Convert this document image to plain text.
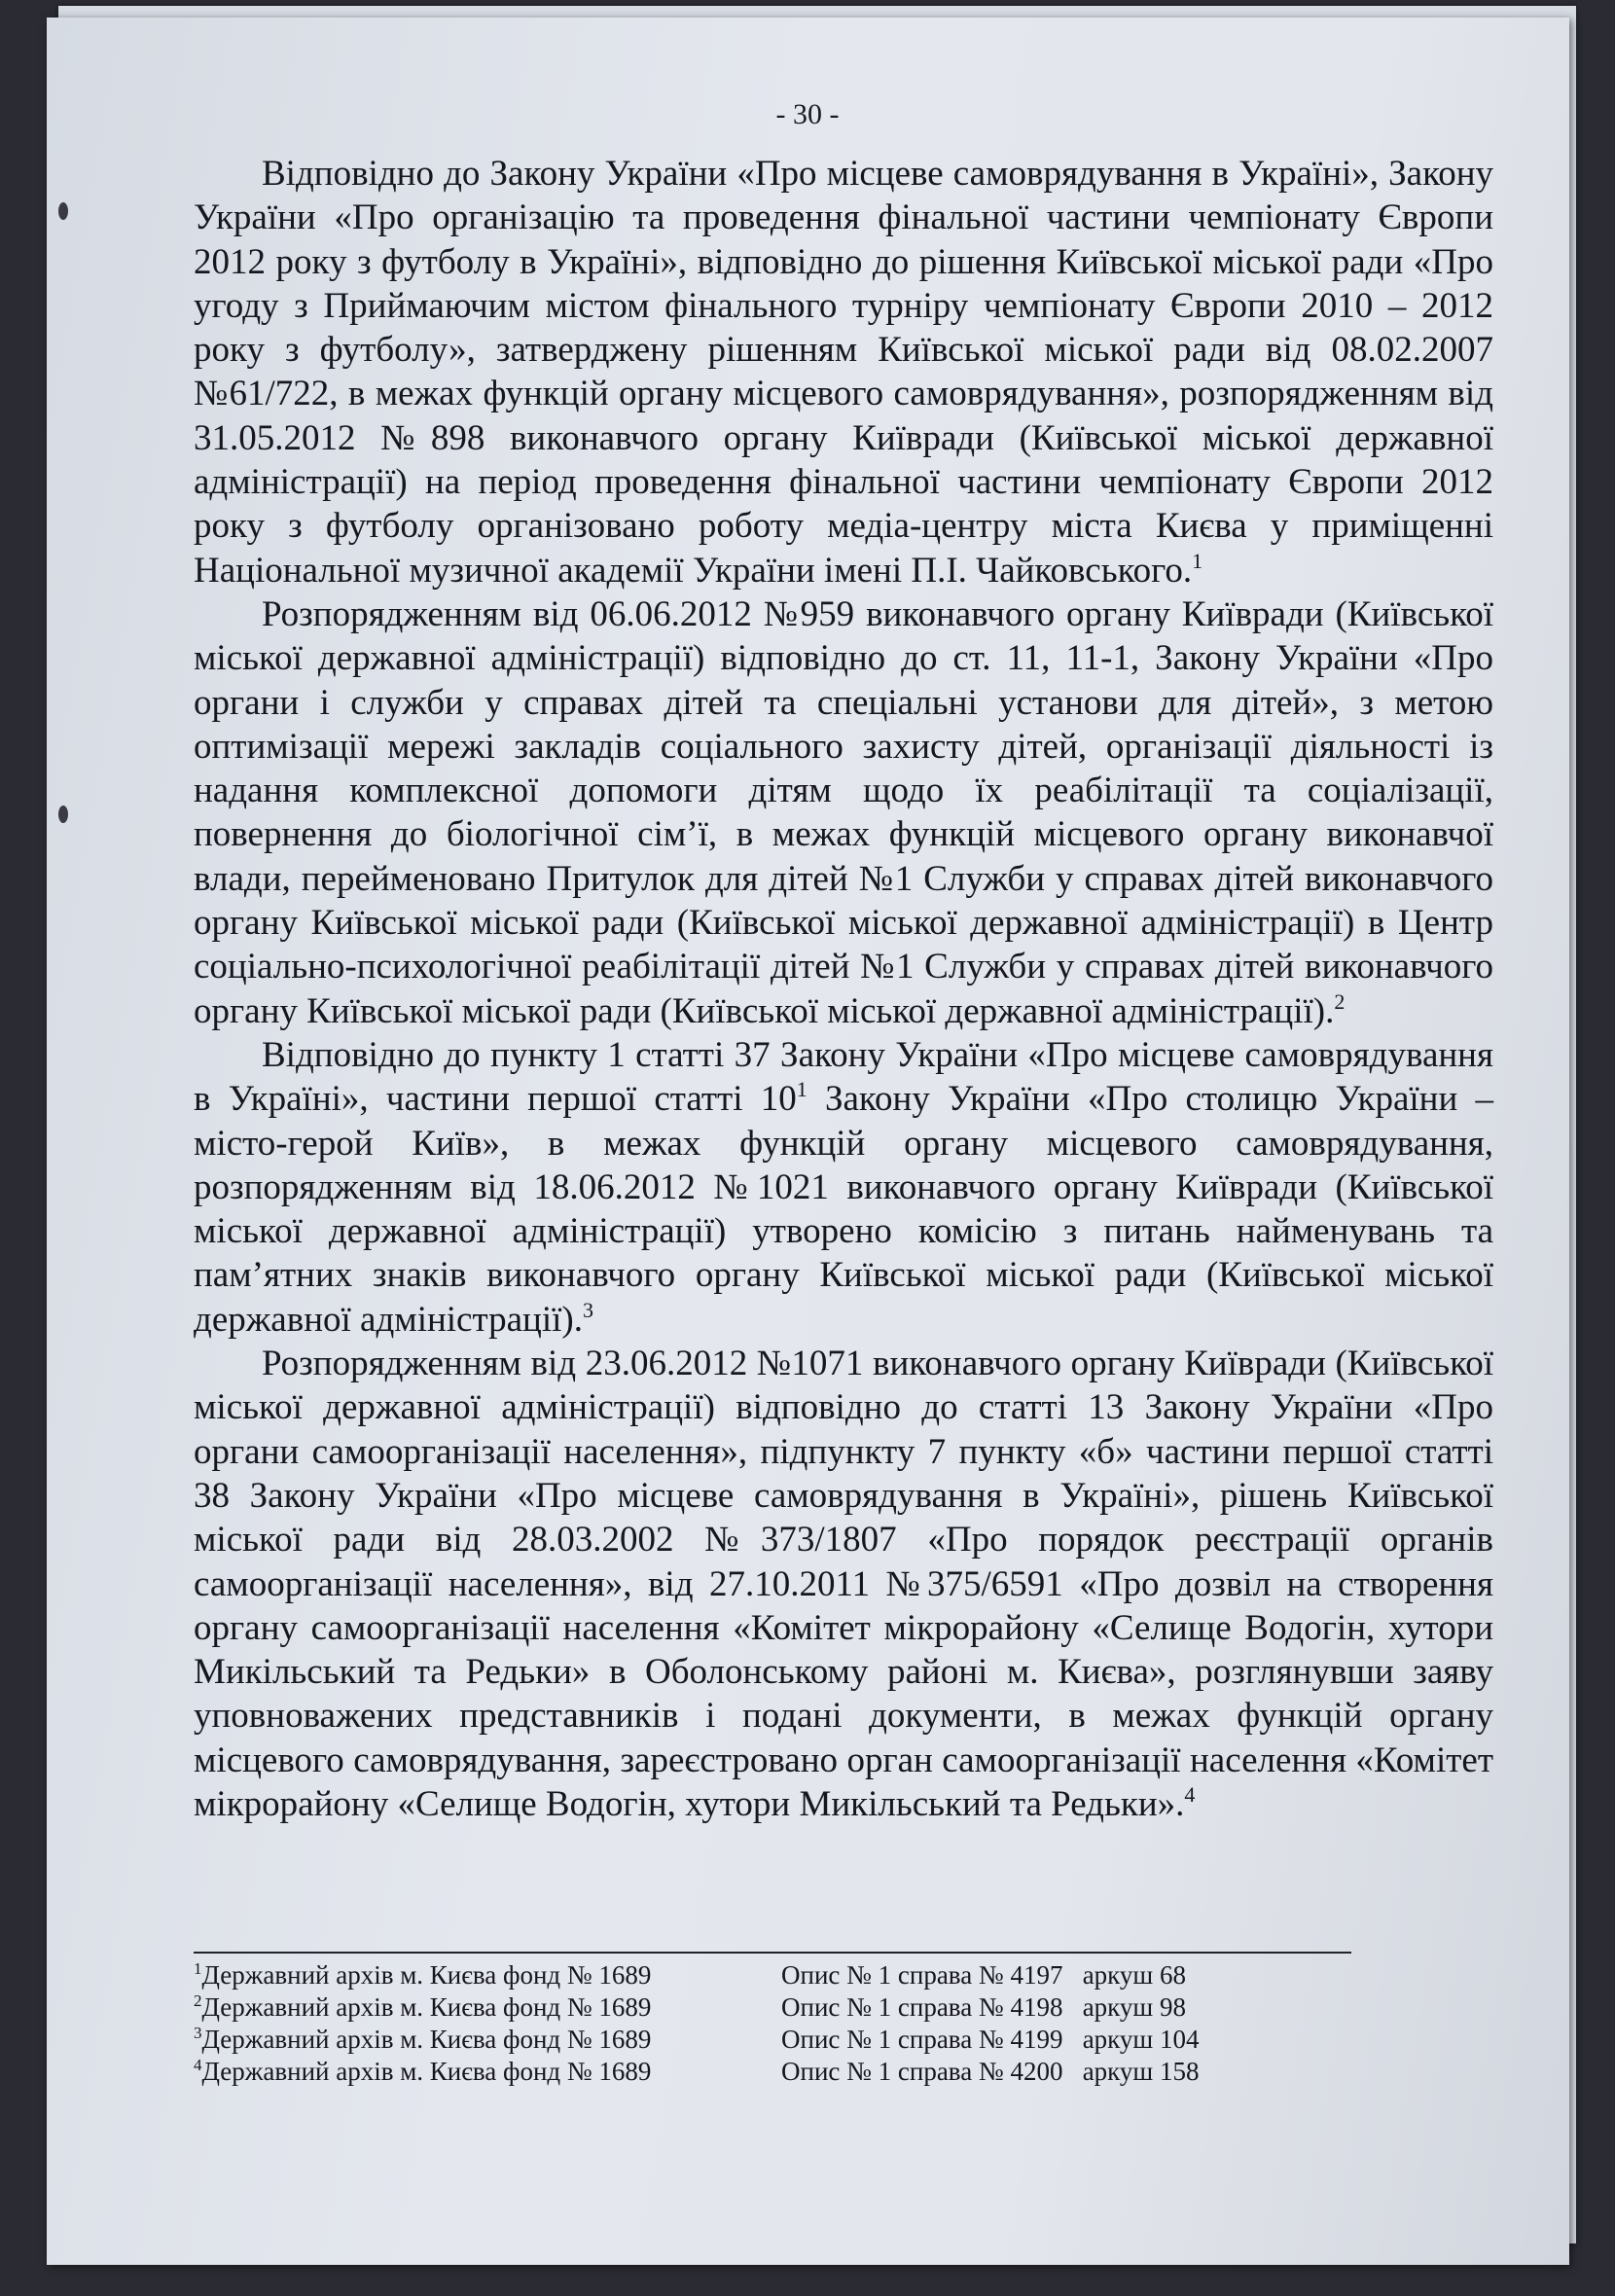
- 30 -

Відповідно до Закону України «Про місцеве самоврядування в Україні», Закону України «Про організацію та проведення фінальної частини чемпіонату Європи 2012 року з футболу в Україні», відповідно до рішення Київської міської ради «Про угоду з Приймаючим містом фінального турніру чемпіонату Європи 2010 – 2012 року з футболу», затверджену рішенням Київської міської ради від 08.02.2007 №61/722, в межах функцій органу місцевого самоврядування», розпорядженням від 31.05.2012 №898 виконавчого органу Київради (Київської міської державної адміністрації) на період проведення фінальної частини чемпіонату Європи 2012 року з футболу організовано роботу медіа-центру міста Києва у приміщенні Національної музичної академії України імені П.І. Чайковського.$^1$

Розпорядженням від 06.06.2012 №959 виконавчого органу Київради (Київської міської державної адміністрації) відповідно до ст. 11, 11-1, Закону України «Про органи і служби у справах дітей та спеціальні установи для дітей», з метою оптимізації мережі закладів соціального захисту дітей, організації діяльності із надання комплексної допомоги дітям щодо їх реабілітації та соціалізації, повернення до біологічної сім’ї, в межах функцій місцевого органу виконавчої влади, перейменовано Притулок для дітей №1 Служби у справах дітей виконавчого органу Київської міської ради (Київської міської державної адміністрації) в Центр соціально-психологічної реабілітації дітей №1 Служби у справах дітей виконавчого органу Київської міської ради (Київської міської державної адміністрації).$^2$

Відповідно до пункту 1 статті 37 Закону України «Про місцеве самоврядування в Україні», частини першої статті $10^1$ Закону України «Про столицю України – місто-герой Київ», в межах функцій органу місцевого самоврядування, розпорядженням від 18.06.2012 №1021 виконавчого органу Київради (Київської міської державної адміністрації) утворено комісію з питань найменувань та пам’ятних знаків виконавчого органу Київської міської ради (Київської міської державної адміністрації).$^3$

Розпорядженням від 23.06.2012 №1071 виконавчого органу Київради (Київської міської державної адміністрації) відповідно до статті 13 Закону України «Про органи самоорганізації населення», підпункту 7 пункту «б» частини першої статті 38 Закону України «Про місцеве самоврядування в Україні», рішень Київської міської ради від 28.03.2002 №373/1807 «Про порядок реєстрації органів самоорганізації населення», від 27.10.2011 №375/6591 «Про дозвіл на створення органу самоорганізації населення «Комітет мікрорайону «Селище Водогін, хутори Микільський та Редьки» в Оболонському районі м. Києва», розглянувши заяву уповноважених представників і подані документи, в межах функцій органу місцевого самоврядування, зареєстровано орган самоорганізації населення «Комітет мікрорайону «Селище Водогін, хутори Микільський та Редьки».$^4$

$^1$Державний архів м. Києва фонд № 1689	Опис № 1 справа № 4197   аркуш 68
$^2$Державний архів м. Києва фонд № 1689	Опис № 1 справа № 4198   аркуш 98
$^3$Державний архів м. Києва фонд № 1689	Опис № 1 справа № 4199   аркуш 104
$^4$Державний архів м. Києва фонд № 1689	Опис № 1 справа № 4200   аркуш 158
